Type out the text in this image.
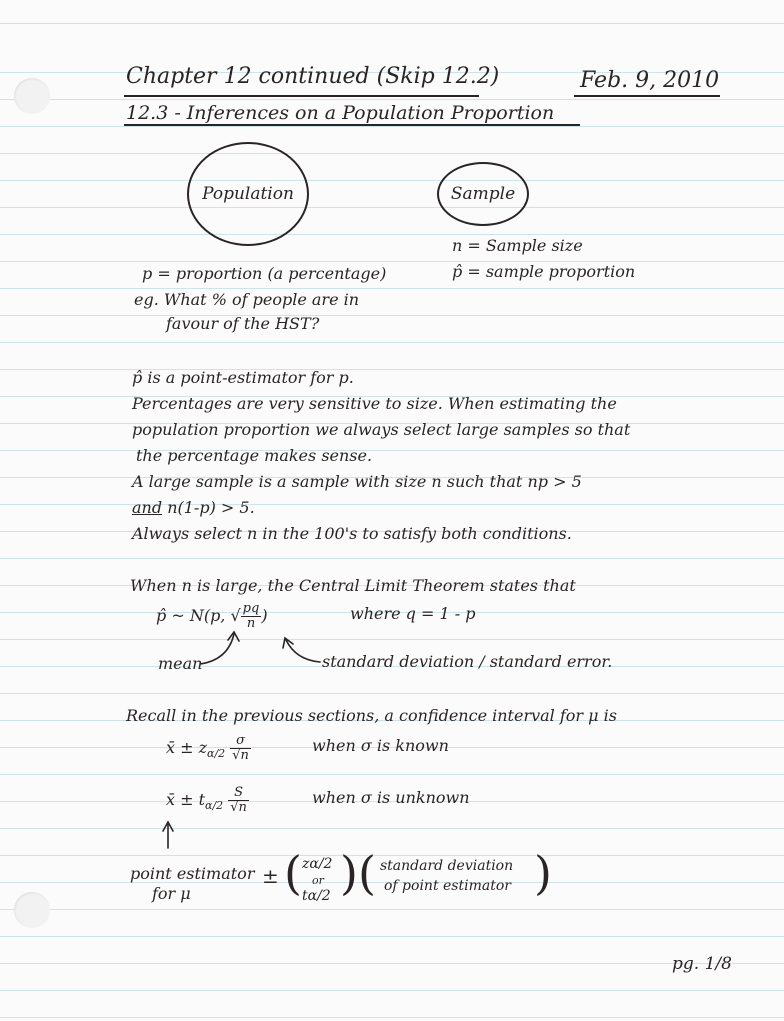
Chapter 12 continued (Skip 12.2)	Feb. 9, 2010
12.3 - Inferences on a Population Proportion
Population	Sample
n = Sample size
p̂ = sample proportion
p = proportion (a percentage)
eg. What % of people are in
favour of the HST?
p̂ is a point-estimator for p.
Percentages are very sensitive to size. When estimating the
population proportion we always select large samples so that
the percentage makes sense.
A large sample is a sample with size n such that np > 5
and n(1-p) > 5.
Always select n in the 100's to satisfy both conditions.
When n is large, the Central Limit Theorem states that
p̂ ~ N(p, √ $\frac{pq}{n}$ )	where q = 1 - p
mean	standard deviation / standard error.
Recall in the previous sections, a confidence interval for μ is
x̄ ± $z_{\alpha/2} \frac{\sigma}{√n}$	when σ is known
x̄ ± $t_{\alpha/2} \frac{S}{√n}$	when σ is unknown
point estimator
for μ
± ( zα/2
or
tα/2 ) ( standard deviation
of point estimator )
pg. 1/8
